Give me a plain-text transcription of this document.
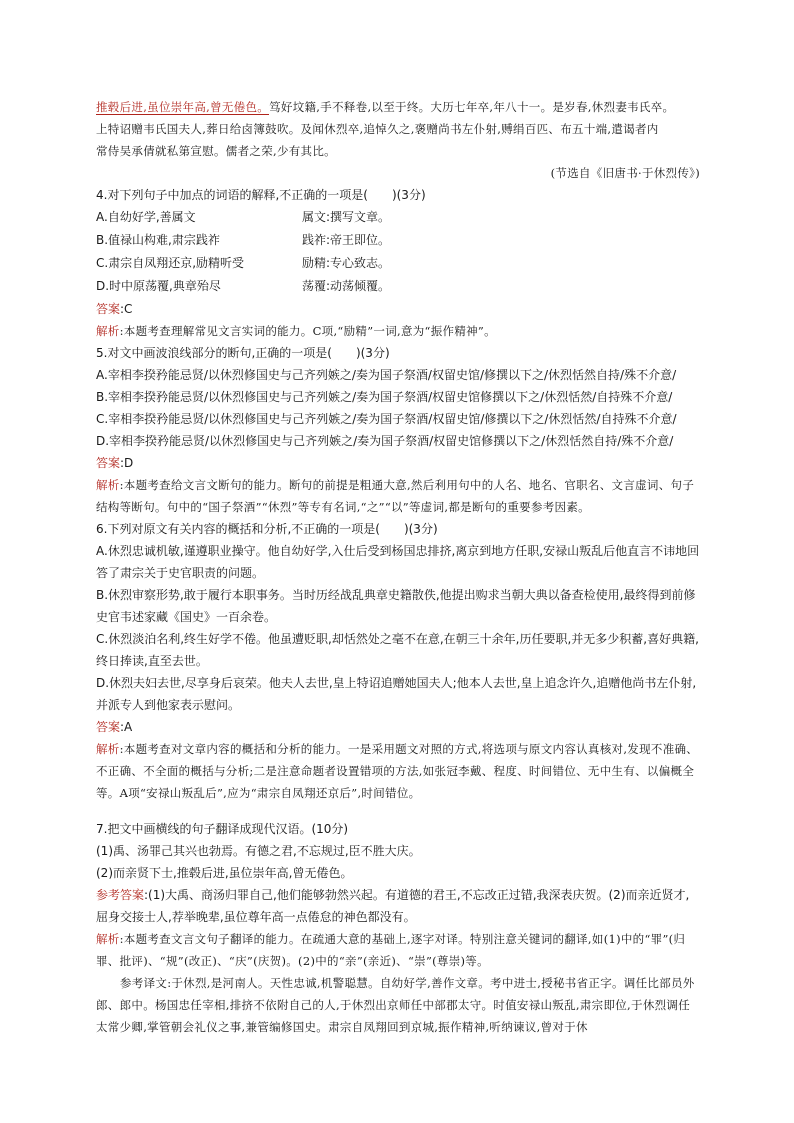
推毂后进,虽位崇年高,曾无倦色。笃好坟籍,手不释卷,以至于终。大历七年卒,年八十一。是岁春,休烈妻韦氏卒。

上特诏赠韦氏国夫人,葬日给卤簿鼓吹。及闻休烈卒,追悼久之,褒赠尚书左仆射,赙绢百匹、布五十端,遣谒者内

常侍吴承倩就私第宣慰。儒者之荣,少有其比。

(节选自《旧唐书·于休烈传》)

4.对下列句子中加点的词语的解释,不正确的一项是(　　)(3分)

A.自幼好学,善属文	属文:撰写文章。
B.值禄山构难,肃宗践祚	践祚:帝王即位。
C.肃宗自凤翔还京,励精听受	励精:专心致志。
D.时中原荡覆,典章殆尽	荡覆:动荡倾覆。

答案:C

解析:本题考查理解常见文言实词的能力。C项,“励精”一词,意为“振作精神”。

5.对文中画波浪线部分的断句,正确的一项是(　　)(3分)

A.宰相李揆矜能忌贤/以休烈修国史与己齐列嫉之/奏为国子祭酒/权留史馆/修撰以下之/休烈恬然自持/殊不介意/

B.宰相李揆矜能忌贤/以休烈修国史与己齐列嫉之/奏为国子祭酒/权留史馆修撰以下之/休烈恬然/自持殊不介意/

C.宰相李揆矜能忌贤/以休烈修国史与己齐列嫉之/奏为国子祭酒/权留史馆/修撰以下之/休烈恬然/自持殊不介意/

D.宰相李揆矜能忌贤/以休烈修国史与己齐列嫉之/奏为国子祭酒/权留史馆修撰以下之/休烈恬然自持/殊不介意/

答案:D

解析:本题考查给文言文断句的能力。断句的前提是粗通大意,然后利用句中的人名、地名、官职名、文言虚词、句子结构等断句。句中的“国子祭酒”“休烈”等专有名词,“之”“以”等虚词,都是断句的重要参考因素。

6.下列对原文有关内容的概括和分析,不正确的一项是(　　)(3分)

A.休烈忠诚机敏,谨遵职业操守。他自幼好学,入仕后受到杨国忠排挤,离京到地方任职,安禄山叛乱后他直言不讳地回答了肃宗关于史官职责的问题。

B.休烈审察形势,敢于履行本职事务。当时历经战乱典章史籍散佚,他提出购求当朝大典以备查检使用,最终得到前修史官韦述家藏《国史》一百余卷。

C.休烈淡泊名利,终生好学不倦。他虽遭贬职,却恬然处之毫不在意,在朝三十余年,历任要职,并无多少积蓄,喜好典籍,终日捧读,直至去世。

D.休烈夫妇去世,尽享身后哀荣。他夫人去世,皇上特诏追赠她国夫人;他本人去世,皇上追念许久,追赠他尚书左仆射,并派专人到他家表示慰问。

答案:A

解析:本题考查对文章内容的概括和分析的能力。一是采用题文对照的方式,将选项与原文内容认真核对,发现不准确、不正确、不全面的概括与分析;二是注意命题者设置错项的方法,如张冠李戴、程度、时间错位、无中生有、以偏概全等。A项“安禄山叛乱后”,应为“肃宗自凤翔还京后”,时间错位。

7.把文中画横线的句子翻译成现代汉语。(10分)

(1)禹、汤罪己其兴也勃焉。有德之君,不忘规过,臣不胜大庆。

(2)而亲贤下士,推毂后进,虽位崇年高,曾无倦色。

参考答案:(1)大禹、商汤归罪自己,他们能够勃然兴起。有道德的君王,不忘改正过错,我深表庆贺。(2)而亲近贤才,屈身交接士人,荐举晚辈,虽位尊年高一点倦怠的神色都没有。

解析:本题考查文言文句子翻译的能力。在疏通大意的基础上,逐字对译。特别注意关键词的翻译,如(1)中的“罪”(归罪、批评)、“规”(改正)、“庆”(庆贺)。(2)中的“亲”(亲近)、“崇”(尊崇)等。

参考译文:于休烈,是河南人。天性忠诚,机警聪慧。自幼好学,善作文章。考中进士,授秘书省正字。调任比部员外郎、郎中。杨国忠任宰相,排挤不依附自己的人,于休烈出京师任中部郡太守。时值安禄山叛乱,肃宗即位,于休烈调任太常少卿,掌管朝会礼仪之事,兼管编修国史。肃宗自凤翔回到京城,振作精神,听纳谏议,曾对于休
